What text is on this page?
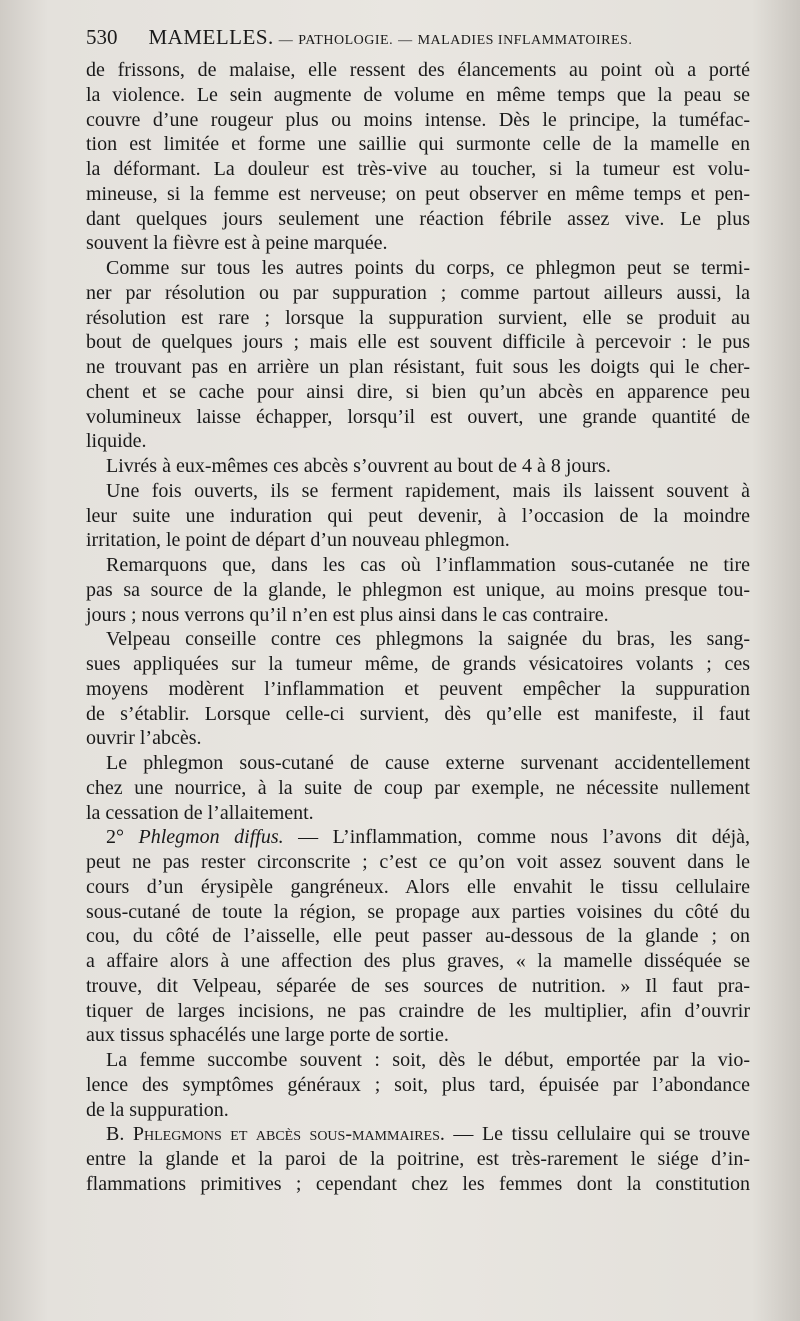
530 MAMELLES. — PATHOLOGIE. — MALADIES INFLAMMATOIRES.
de frissons, de malaise, elle ressent des élancements au point où a porté
la violence. Le sein augmente de volume en même temps que la peau se
couvre d’une rougeur plus ou moins intense. Dès le principe, la tuméfac-
tion est limitée et forme une saillie qui surmonte celle de la mamelle en
la déformant. La douleur est très-vive au toucher, si la tumeur est volu-
mineuse, si la femme est nerveuse; on peut observer en même temps et pen-
dant quelques jours seulement une réaction fébrile assez vive. Le plus
souvent la fièvre est à peine marquée.
Comme sur tous les autres points du corps, ce phlegmon peut se termi-
ner par résolution ou par suppuration ; comme partout ailleurs aussi, la
résolution est rare ; lorsque la suppuration survient, elle se produit au
bout de quelques jours ; mais elle est souvent difficile à percevoir : le pus
ne trouvant pas en arrière un plan résistant, fuit sous les doigts qui le cher-
chent et se cache pour ainsi dire, si bien qu’un abcès en apparence peu
volumineux laisse échapper, lorsqu’il est ouvert, une grande quantité de
liquide.
Livrés à eux-mêmes ces abcès s’ouvrent au bout de 4 à 8 jours.
Une fois ouverts, ils se ferment rapidement, mais ils laissent souvent à
leur suite une induration qui peut devenir, à l’occasion de la moindre
irritation, le point de départ d’un nouveau phlegmon.
Remarquons que, dans les cas où l’inflammation sous-cutanée ne tire
pas sa source de la glande, le phlegmon est unique, au moins presque tou-
jours ; nous verrons qu’il n’en est plus ainsi dans le cas contraire.
Velpeau conseille contre ces phlegmons la saignée du bras, les sang-
sues appliquées sur la tumeur même, de grands vésicatoires volants ; ces
moyens modèrent l’inflammation et peuvent empêcher la suppuration
de s’établir. Lorsque celle-ci survient, dès qu’elle est manifeste, il faut
ouvrir l’abcès.
Le phlegmon sous-cutané de cause externe survenant accidentellement
chez une nourrice, à la suite de coup par exemple, ne nécessite nullement
la cessation de l’allaitement.
2° Phlegmon diffus. — L’inflammation, comme nous l’avons dit déjà,
peut ne pas rester circonscrite ; c’est ce qu’on voit assez souvent dans le
cours d’un érysipèle gangréneux. Alors elle envahit le tissu cellulaire
sous-cutané de toute la région, se propage aux parties voisines du côté du
cou, du côté de l’aisselle, elle peut passer au-dessous de la glande ; on
a affaire alors à une affection des plus graves, « la mamelle disséquée se
trouve, dit Velpeau, séparée de ses sources de nutrition. » Il faut pra-
tiquer de larges incisions, ne pas craindre de les multiplier, afin d’ouvrir
aux tissus sphacélés une large porte de sortie.
La femme succombe souvent : soit, dès le début, emportée par la vio-
lence des symptômes généraux ; soit, plus tard, épuisée par l’abondance
de la suppuration.
B. Phlegmons et abcès sous-mammaires. — Le tissu cellulaire qui se trouve
entre la glande et la paroi de la poitrine, est très-rarement le siége d’in-
flammations primitives ; cependant chez les femmes dont la constitution
